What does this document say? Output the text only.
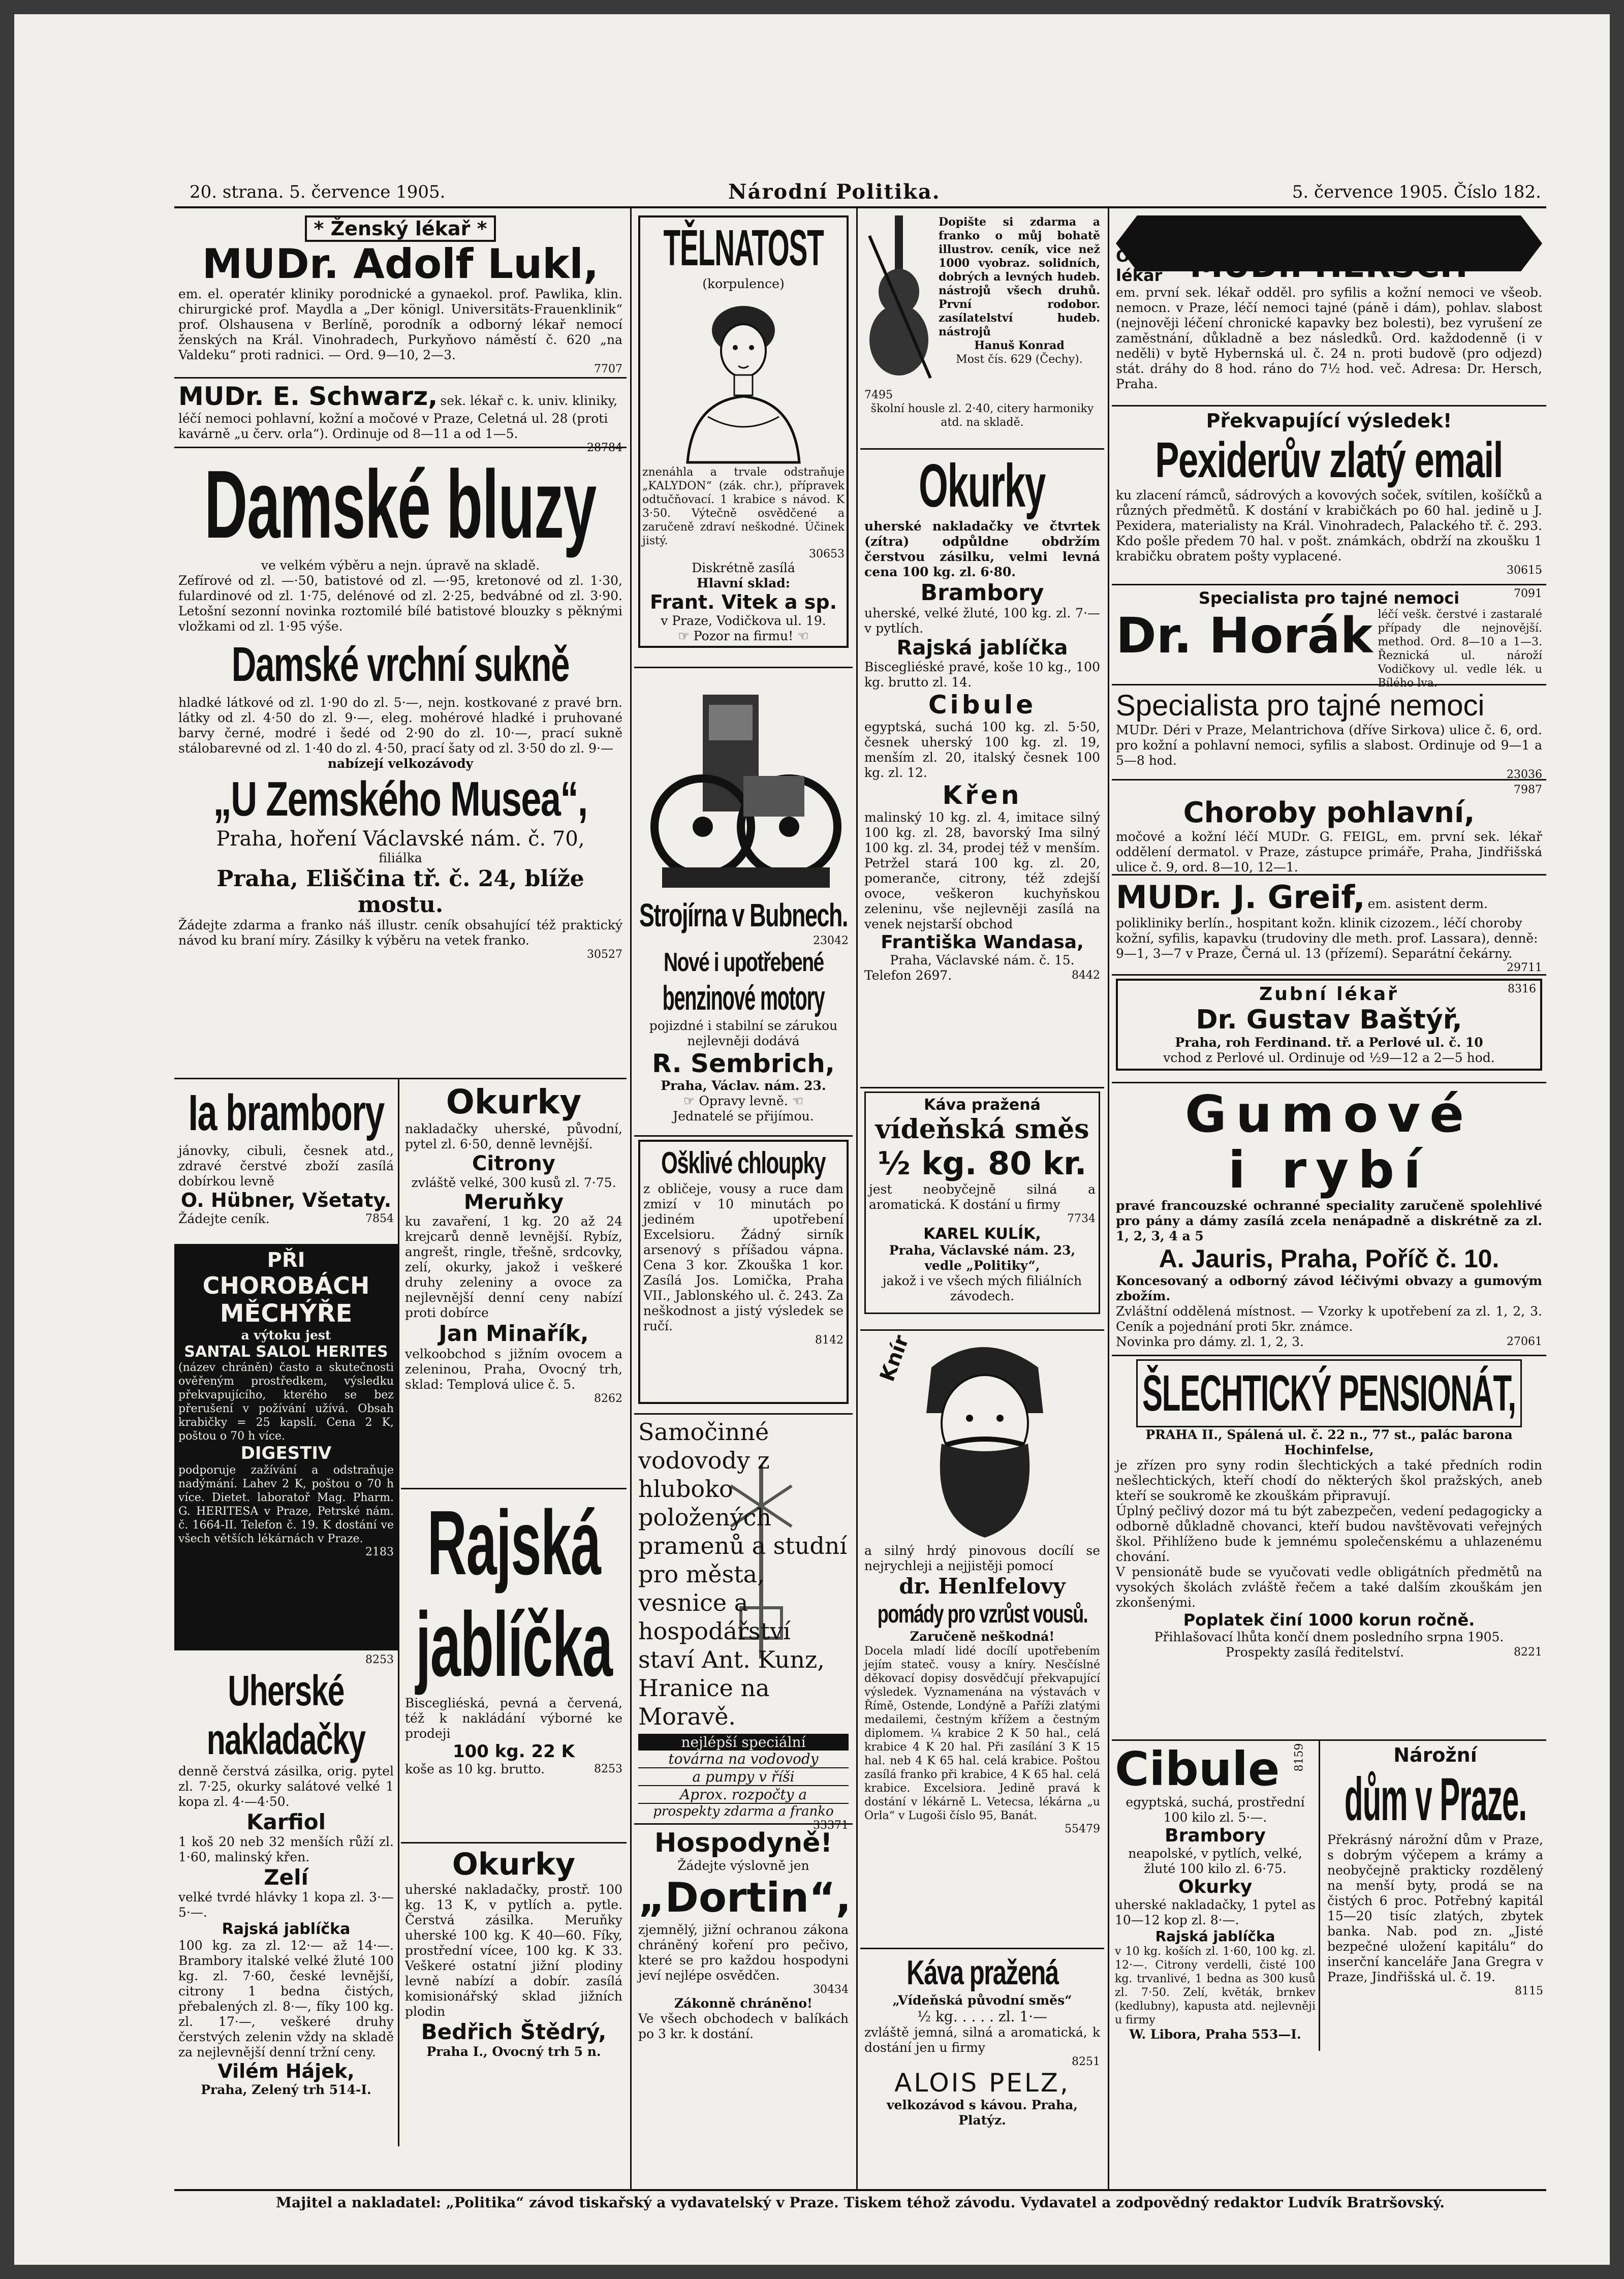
20. strana. 5. července 1905.	Národní Politika.	5. července 1905. Číslo 182.
* Ženský lékař *
MUDr. Adolf Lukl,
em. el. operatér kliniky porodnické a gynaekol. prof. Pawlika, klin. chirurgické prof. Maydla a „Der königl. Universitäts-Frauenklinik“ prof. Olshausena v Berlíně, porodník a odborný lékař nemocí ženských na Král. Vinohradech, Purkyňovo náměstí č. 620 „na Valdeku“ proti radnici. — Ord. 9—10, 2—3.
7707
MUDr. E. Schwarz, sek. lékař c. k. univ. kliniky, léčí nemoci pohlavní, kožní a močové v Praze, Celetná ul. 28 (proti kavárně „u červ. orla“). Ordinuje od 8—11 a od 1—5.
28784
Damské bluzy
ve velkém výběru a nejn. úpravě na skladě.
Zefírové od zl. —·50, batistové od zl. —·95, kretonové od zl. 1·30, fulardinové od zl. 1·75, delénové od zl. 2·25, bedvábné od zl. 3·90. Letošní sezonní novinka roztomilé bílé batistové blouzky s pěknými vložkami od zl. 1·95 výše.
Damské vrchní sukně
hladké látkové od zl. 1·90 do zl. 5·—, nejn. kostkované z pravé brn. látky od zl. 4·50 do zl. 9·—, eleg. mohérové hladké i pruhované barvy černé, modré i šedé od 2·90 do zl. 10·—, prací sukně stálobarevné od zl. 1·40 do zl. 4·50, prací šaty od zl. 3·50 do zl. 9·—
nabízejí velkozávody
„U Zemského Musea“,
Praha, hoření Václavské nám. č. 70,
filiálka
Praha, Eliščina tř. č. 24, blíže mostu.
Žádejte zdarma a franko náš illustr. ceník obsahující též praktický návod ku braní míry. Zásilky k výběru na vetek franko.
30527
Ia brambory
jánovky, cibuli, česnek atd., zdravé čerstvé zboží zasílá dobírkou levně
O. Hübner, Všetaty.
Žádejte ceník.	7854
PŘI
CHOROBÁCH
MĚCHÝŘE
a výtoku jest
SANTAL SALOL HERITES
(název chráněn) často a skutečnosti ověřeným prostředkem, výsledku překvapujícího, kterého se bez přerušení v požívání užívá. Obsah krabičky = 25 kapslí. Cena 2 K, poštou o 70 h více.
DIGESTIV
podporuje zažívání a odstraňuje nadýmání. Lahev 2 K, poštou o 70 h více. Dietet. laboratoř Mag. Pharm. G. HERITESA v Praze, Petrské nám. č. 1664-II. Telefon č. 19. K dostání ve všech větších lékárnách v Praze.
2183
8253
Uherské nakladačky
denně čerstvá zásilka, orig. pytel zl. 7·25, okurky salátové velké 1 kopa zl. 4·—4·50.
Karfiol
1 koš 20 neb 32 menších růží zl. 1·60, malinský křen.
Zelí
velké tvrdé hlávky 1 kopa zl. 3·—5·—.
Rajská jablíčka
100 kg. za zl. 12·— až 14·—. Brambory italské velké žluté 100 kg. zl. 7·60, české levnější, citrony 1 bedna čistých, přebalených zl. 8·—, fíky 100 kg. zl. 17·—, veškeré druhy čerstvých zelenin vždy na skladě za nejlevnější denní tržní ceny.
Vilém Hájek,
Praha, Zelený trh 514-I.
Okurky
nakladačky uherské, původní, pytel zl. 6·50, denně levnější.
Citrony
zvláště velké, 300 kusů zl. 7·75.
Meruňky
ku zavaření, 1 kg. 20 až 24 krejcarů denně levnější. Rybíz, angrešt, ringle, třešně, srdcovky, zelí, okurky, jakož i veškeré druhy zeleniny a ovoce za nejlevnější denní ceny nabízí proti dobírce
Jan Minařík,
velkoobchod s jižním ovocem a zeleninou, Praha, Ovocný trh, sklad: Templová ulice č. 5.
8262
Rajská
jablíčka
Biscegliéská, pevná a červená, též k nakládání výborné ke prodeji
100 kg. 22 K
koše as 10 kg. brutto.	8253
Okurky
uherské nakladačky, prostř. 100 kg. 13 K, v pytlích a. pytle. Čerstvá zásilka. Meruňky uherské 100 kg. K 40—60. Fíky, prostřední vícee, 100 kg. K 33. Veškeré ostatní jižní plodiny levně nabízí a dobír. zasílá komisionářský sklad jižních plodin
Bedřich Štědrý,
Praha I., Ovocný trh 5 n.
TĚLNATOST
(korpulence)
znenáhla a trvale odstraňuje „KALYDON“ (zák. chr.), přípravek odtučňovací. 1 krabice s návod. K 3·50. Výtečně osvědčené a zaručeně zdraví neškodné. Účinek jistý.
30653
Diskrétně zasílá
Hlavní sklad:
Frant. Vitek a sp.
v Praze, Vodičkova ul. 19.
☞ Pozor na firmu! ☜
Strojírna v Bubnech.
23042
Nové i upotřebené
benzinové motory
pojizdné i stabilní se zárukou nejlevněji dodává
R. Sembrich,
Praha, Václav. nám. 23.
☞ Opravy levně. ☜
Jednatelé se přijímou.
Ošklivé chloupky
z obličeje, vousy a ruce dam zmizí v 10 minutách po jediném upotřebení Excelsioru. Žádný sirník arsenový s příšadou vápna. Cena 3 kor. Zkouška 1 kor. Zasílá Jos. Lomička, Praha VII., Jablonského ul. č. 243. Za neškodnost a jistý výsledek se ručí.
8142
Samočinné vodovody z hluboko položených pramenů a studní pro města, vesnice a hospodářství staví Ant. Kunz, Hranice na Moravě.
nejlépší speciální
továrna na vodovody
a pumpy v říši
Aprox. rozpočty a
prospekty zdarma a franko
33371
Hospodyně!
Žádejte výslovně jen
„Dortin“,
zjemnělý, jižní ochranou zákona chráněný koření pro pečivo, které se pro každou hospodyni jeví nejlépe osvědčen.
30434
Zákonně chráněno!
Ve všech obchodech v balíkách po 3 kr. k dostání.
Dopište si zdarma a franko o můj bohatě illustrov. ceník, vice než 1000 vyobraz. solidních, dobrých a levných hudeb. nástrojů všech druhů. První rodobor. zasílatelství hudeb. nástrojů
Hanuš Konrad
Most čís. 629 (Čechy).
7495
školní housle zl. 2·40, citery harmoniky atd. na skladě.
Okurky
uherské nakladačky ve čtvrtek (zítra) odpůldne obdržím čerstvou zásilku, velmi levná cena 100 kg. zl. 6·80.
Brambory
uherské, velké žluté, 100 kg. zl. 7·— v pytlích.
Rajská jablíčka
Biscegliéské pravé, koše 10 kg., 100 kg. brutto zl. 14.
Cibule
egyptská, suchá 100 kg. zl. 5·50, česnek uherský 100 kg. zl. 19, menším zl. 20, italský česnek 100 kg. zl. 12.
Křen
malinský 10 kg. zl. 4, imitace silný 100 kg. zl. 28, bavorský Ima silný 100 kg. zl. 34, prodej též v menším. Petržel stará 100 kg. zl. 20, pomeranče, citrony, též zdejší ovoce, veškeron kuchyňskou zeleninu, vše nejlevněji zasílá na venek nejstarší obchod
Františka Wandasa,
Praha, Václavské nám. č. 15.
Telefon 2697.	8442
Káva pražená
vídeňská směs
½ kg. 80 kr.
jest neobyčejně silná a aromatická. K dostání u firmy
7734
KAREL KULÍK,
Praha, Václavské nám. 23, vedle „Politiky“,
jakož i ve všech mých filiálních závodech.
Knír
a silný hrdý pinovous docílí se nejrychleji a nejjistěji pomocí
dr. Henlfelovy
pomády pro vzrůst vousů.
Zaručeně neškodná!
Docela mladí lidé docílí upotřebením jejím stateč. vousy a kníry. Nesčíslné děkovací dopisy dosvědčují překvapující výsledek. Vyznamenána na výstavách v Římě, Ostende, Londýně a Paříži zlatými medailemi, čestným křížem a čestným diplomem. ¼ krabice 2 K 50 hal., celá krabice 4 K 20 hal. Při zasílání 3 K 15 hal. neb 4 K 65 hal. celá krabice. Poštou zasílá franko při krabice, 4 K 65 hal. celá krabice. Excelsiora. Jedině pravá k dostání v lékárně L. Vetecsa, lékárna „u Orla“ v Lugoši číslo 95, Banát.
55479
Káva pražená
„Vídeňská původní směs“
½ kg. . . . . zl. 1·—
zvláště jemná, silná a aromatická, k dostání jen u firmy
8251
ALOIS PELZ,
velkozávod s kávou. Praha, Platýz.
Odborný lékař MUDr. HERSCH
em. první sek. lékař odděl. pro syfilis a kožní nemoci ve všeob. nemocn. v Praze, léčí nemoci tajné (páně i dám), pohlav. slabost (nejnověji léčení chronické kapavky bez bolesti), bez vyrušení ze zaměstnání, důkladně a bez následků. Ord. každodenně (i v neděli) v bytě Hybernská ul. č. 24 n. proti budově (pro odjezd) stát. dráhy do 8 hod. ráno do 7½ hod. več. Adresa: Dr. Hersch, Praha.
Překvapující výsledek!
Pexiderův zlatý email
ku zlacení rámců, sádrových a kovových soček, svítilen, košíčků a různých předmětů. K dostání v krabičkách po 60 hal. jedině u J. Pexidera, materialisty na Král. Vinohradech, Palackého tř. č. 293. Kdo pošle předem 70 hal. v pošt. známkách, obdrží na zkoušku 1 krabičku obratem pošty vyplacené.
30615
Specialista pro tajné nemoci
Dr. Horák léčí vešk. čerstvé i zastaralé případy dle nejnovější. method. Ord. 8—10 a 1—3. Řeznická ul. nároží Vodičkovy ul. vedle lék. u Bílého lva.
7091
Specialista pro tajné nemoci
MUDr. Déri v Praze, Melantrichova (dříve Sirkova) ulice č. 6, ord. pro kožní a pohlavní nemoci, syfilis a slabost. Ordinuje od 9—1 a 5—8 hod.
23036
7987
Choroby pohlavní,
močové a kožní léčí MUDr. G. FEIGL, em. první sek. lékař oddělení dermatol. v Praze, zástupce primáře, Praha, Jindřišská ulice č. 9, ord. 8—10, 12—1.
MUDr. J. Greif, em. asistent derm. polikliniky berlín., hospitant kožn. klinik cizozem., léčí choroby kožní, syfilis, kapavku (trudoviny dle meth. prof. Lassara), denně: 9—1, 3—7 v Praze, Černá ul. 13 (přízemí). Separátní čekárny.
29711
Zubní lékař	8316
Dr. Gustav Baštýř,
Praha, roh Ferdinand. tř. a Perlové ul. č. 10
vchod z Perlové ul. Ordinuje od ½9—12 a 2—5 hod.
Gumové
i rybí
pravé francouzské ochranné speciality zaručeně spolehlivé pro pány a dámy zasílá zcela nenápadně a diskrétně za zl. 1, 2, 3, 4 a 5
A. Jauris, Praha, Poříč č. 10.
Koncesovaný a odborný závod léčivými obvazy a gumovým zbožím.
Zvláštní oddělená místnost. — Vzorky k upotřebení za zl. 1, 2, 3. Ceník a pojednání proti 5kr. známce.
Novinka pro dámy. zl. 1, 2, 3.	27061
ŠLECHTICKÝ PENSIONÁT,
PRAHA II., Spálená ul. č. 22 n., 77 st., palác barona Hochinfelse,
je zřízen pro syny rodin šlechtických a také předních rodin nešlechtických, kteří chodí do některých škol pražských, aneb kteří se soukromě ke zkouškám připravují.
Úplný pečlivý dozor má tu být zabezpečen, vedení pedagogicky a odborně důkladně chovanci, kteří budou navštěvovati veřejných škol. Přihlíženo bude k jemnému společenskému a uhlazenému chování.
V pensionátě bude se vyučovati vedle obligátních předmětů na vysokých školách zvláště řečem a také dalším zkouškám jen zkonšenými.
Poplatek činí 1000 korun ročně.
Přihlašovací lhůta končí dnem posledního srpna 1905.
Prospekty zasílá ředitelství.	8221
Cibule	8159
egyptská, suchá, prostřední 100 kilo zl. 5·—.
Brambory
neapolské, v pytlích, velké, žluté 100 kilo zl. 6·75.
Okurky
uherské nakladačky, 1 pytel as 10—12 kop zl. 8·—.
Rajská jablíčka
v 10 kg. koších zl. 1·60, 100 kg. zl. 12·—. Citrony verdelli, čisté 100 kg. trvanlivé, 1 bedna as 300 kusů zl. 7·50. Zelí, květák, brnkev (kedlubny), kapusta atd. nejlevněji u firmy
W. Libora, Praha 553—I.
Nárožní
dům v Praze.
Překrásný nárožní dům v Praze, s dobrým výčepem a krámy a neobyčejně prakticky rozdělený na menší byty, prodá se na čistých 6 proc. Potřebný kapitál 15—20 tisíc zlatých, zbytek banka. Nab. pod zn. „Jisté bezpečné uložení kapitálu“ do inserční kanceláře Jana Gregra v Praze, Jindřišská ul. č. 19.
8115
Majitel a nakladatel: „Politika“ závod tiskařský a vydavatelský v Praze. Tiskem téhož závodu. Vydavatel a zodpovědný redaktor Ludvík Bratršovský.
